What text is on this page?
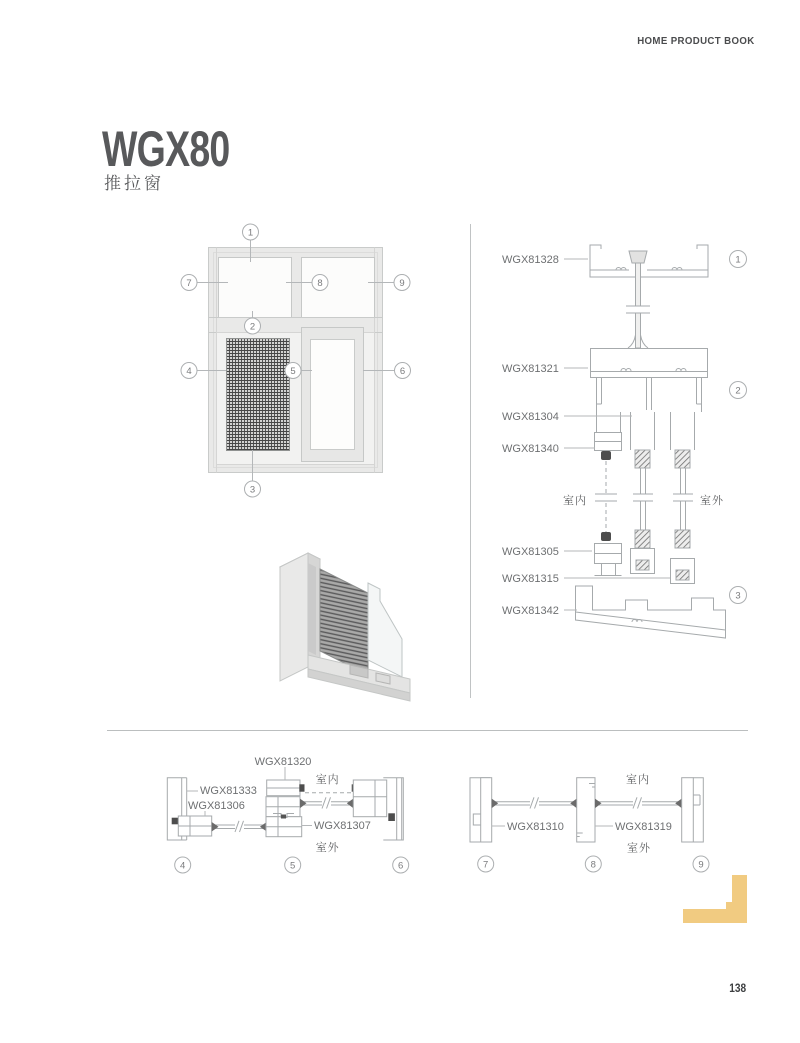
HOME PRODUCT BOOK
WGX80
推拉窗
1
2
3
4	5	6
7	8	9
WGX81328
WGX81321
WGX81304
WGX81340
WGX81305
WGX81315
WGX81342
室内	室外
1
2
3
WGX81320
WGX81333
WGX81306
WGX81307
室内
室外
4	5	6
WGX81310	WGX81319
室内
室外
7	8	9
138
